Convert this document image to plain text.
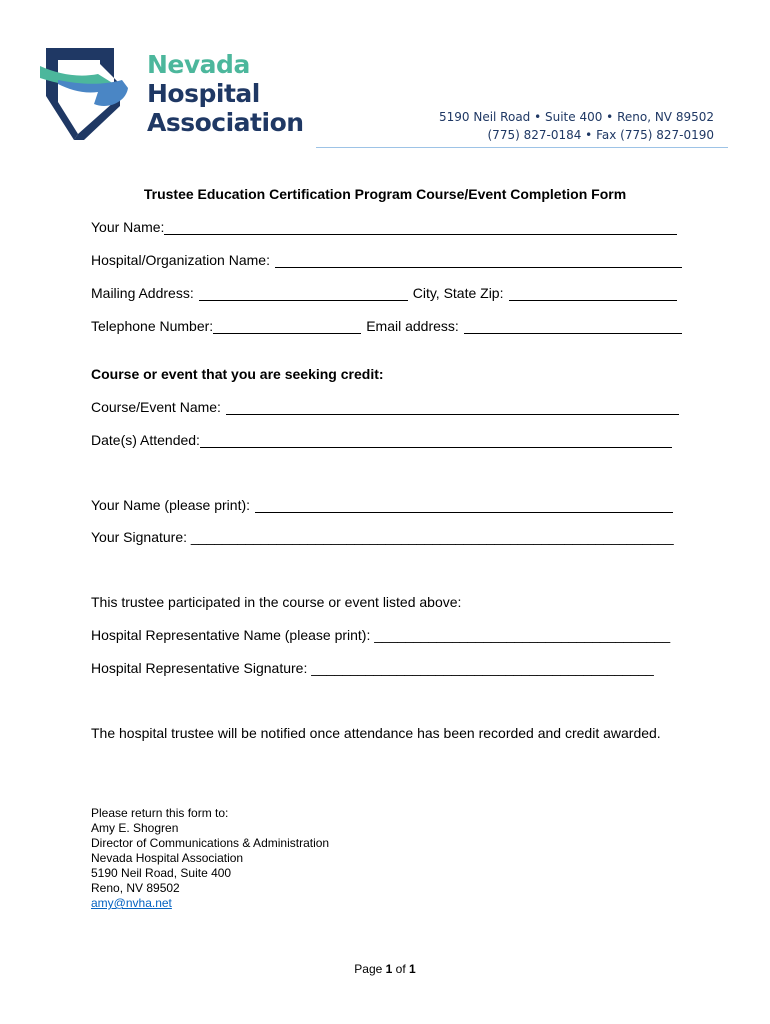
Nevada
Hospital
Association	5190 Neil Road • Suite 400 • Reno, NV 89502
(775) 827-0184 • Fax (775) 827-0190
Trustee Education Certification Program Course/Event Completion Form
Your Name:
Hospital/Organization Name:
Mailing Address:	City, State Zip:
Telephone Number:	Email address:
Course or event that you are seeking credit:
Course/Event Name:
Date(s) Attended:
Your Name (please print):
Your Signature: ______________________________________________________________
This trustee participated in the course or event listed above:
Hospital Representative Name (please print): ______________________________________
Hospital Representative Signature: ____________________________________________
The hospital trustee will be notified once attendance has been recorded and credit awarded.
Please return this form to:
Amy E. Shogren
Director of Communications & Administration
Nevada Hospital Association
5190 Neil Road, Suite 400
Reno, NV 89502
amy@nvha.net
Page 1 of 1
